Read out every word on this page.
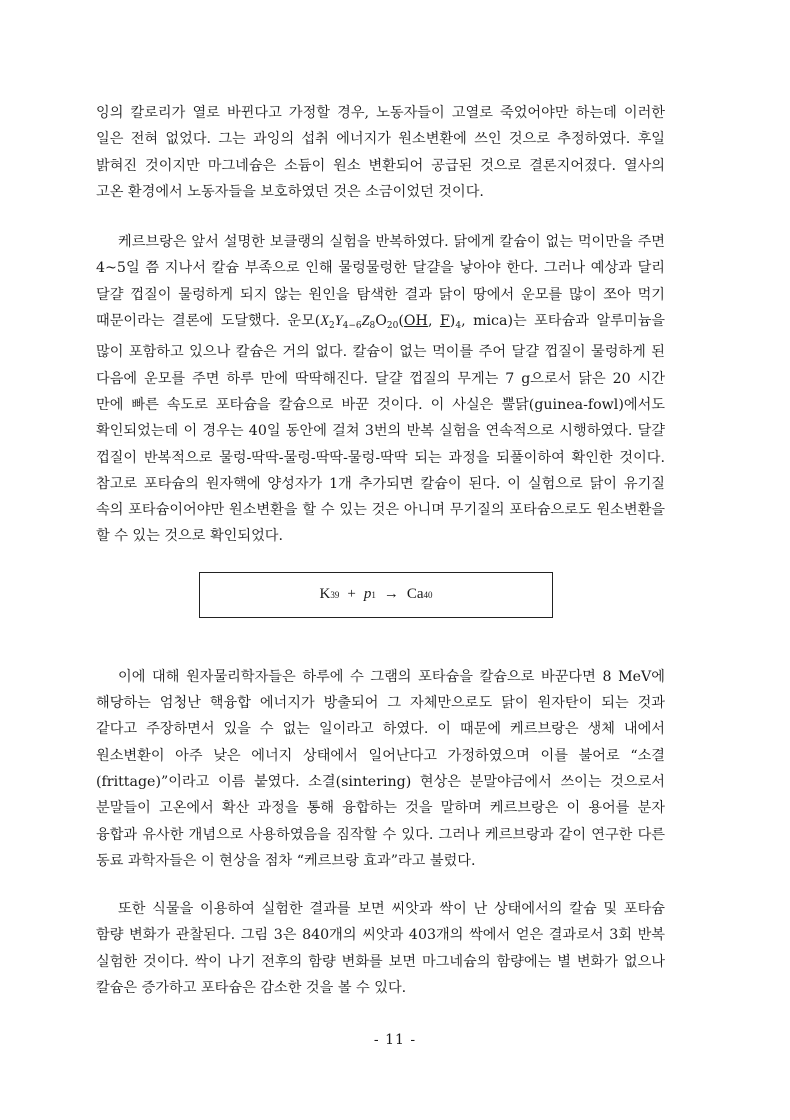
잉의 칼로리가 열로 바뀐다고 가정할 경우, 노동자들이 고열로 죽었어야만 하는데 이러한 일은 전혀 없었다. 그는 과잉의 섭취 에너지가 원소변환에 쓰인 것으로 추정하였다. 후일 밝혀진 것이지만 마그네슘은 소듐이 원소 변환되어 공급된 것으로 결론지어졌다. 열사의 고온 환경에서 노동자들을 보호하였던 것은 소금이었던 것이다.

케르브랑은 앞서 설명한 보클랭의 실험을 반복하였다. 닭에게 칼슘이 없는 먹이만을 주면 4~5일 쯤 지나서 칼슘 부족으로 인해 물렁물렁한 달걀을 낳아야 한다. 그러나 예상과 달리 달걀 껍질이 물렁하게 되지 않는 원인을 탐색한 결과 닭이 땅에서 운모를 많이 쪼아 먹기 때문이라는 결론에 도달했다. 운모($X_2Y_{4-6}Z_8O_{20}(OH$, $F)_4$, mica)는 포타슘과 알루미늄을 많이 포함하고 있으나 칼슘은 거의 없다. 칼슘이 없는 먹이를 주어 달걀 껍질이 물렁하게 된 다음에 운모를 주면 하루 만에 딱딱해진다. 달걀 껍질의 무게는 7 g으로서 닭은 20 시간 만에 빠른 속도로 포타슘을 칼슘으로 바꾼 것이다. 이 사실은 뿔닭(guinea-fowl)에서도 확인되었는데 이 경우는 40일 동안에 걸쳐 3번의 반복 실험을 연속적으로 시행하였다. 달걀 껍질이 반복적으로 물렁-딱딱-물렁-딱딱-물렁-딱딱 되는 과정을 되풀이하여 확인한 것이다. 참고로 포타슘의 원자핵에 양성자가 1개 추가되면 칼슘이 된다. 이 실험으로 닭이 유기질 속의 포타슘이어야만 원소변환을 할 수 있는 것은 아니며 무기질의 포타슘으로도 원소변환을 할 수 있는 것으로 확인되었다.

K 39 + p 1 → Ca 40

이에 대해 원자물리학자들은 하루에 수 그램의 포타슘을 칼슘으로 바꾼다면 8 MeV에 해당하는 엄청난 핵융합 에너지가 방출되어 그 자체만으로도 닭이 원자탄이 되는 것과 같다고 주장하면서 있을 수 없는 일이라고 하였다. 이 때문에 케르브랑은 생체 내에서 원소변환이 아주 낮은 에너지 상태에서 일어난다고 가정하였으며 이를 불어로 “소결(frittage)”이라고 이름 붙였다. 소결(sintering) 현상은 분말야금에서 쓰이는 것으로서 분말들이 고온에서 확산 과정을 통해 융합하는 것을 말하며 케르브랑은 이 용어를 분자 융합과 유사한 개념으로 사용하였음을 짐작할 수 있다. 그러나 케르브랑과 같이 연구한 다른 동료 과학자들은 이 현상을 점차 “케르브랑 효과”라고 불렀다.

또한 식물을 이용하여 실험한 결과를 보면 씨앗과 싹이 난 상태에서의 칼슘 및 포타슘 함량 변화가 관찰된다. 그림 3은 840개의 씨앗과 403개의 싹에서 얻은 결과로서 3회 반복 실험한 것이다. 싹이 나기 전후의 함량 변화를 보면 마그네슘의 함량에는 별 변화가 없으나 칼슘은 증가하고 포타슘은 감소한 것을 볼 수 있다.

- 11 -
